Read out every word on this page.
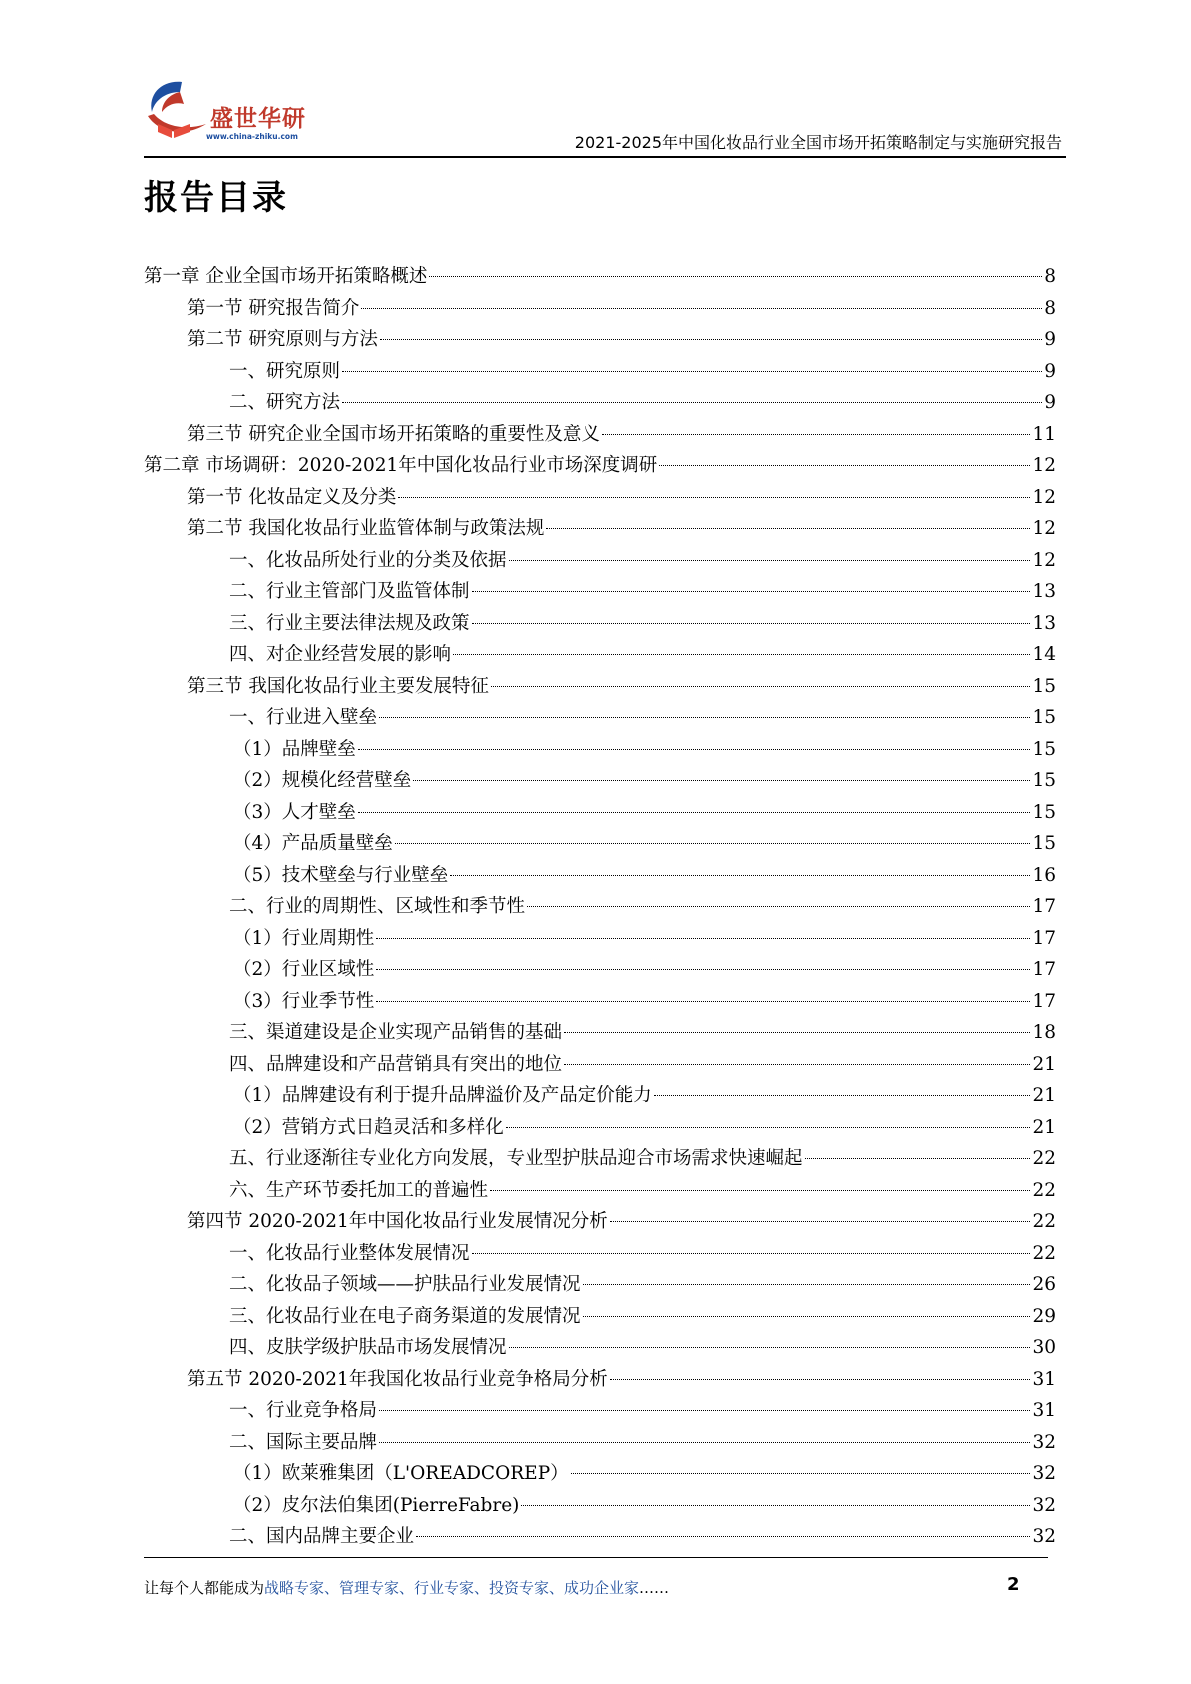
盛世华研
www.china-zhiku.com	2021-2025年中国化妆品行业全国市场开拓策略制定与实施研究报告
报告目录
第一章 企业全国市场开拓策略概述	8
第一节 研究报告简介	8
第二节 研究原则与方法	9
一、研究原则	9
二、研究方法	9
第三节 研究企业全国市场开拓策略的重要性及意义	11
第二章 市场调研：2020-2021年中国化妆品行业市场深度调研	12
第一节 化妆品定义及分类	12
第二节 我国化妆品行业监管体制与政策法规	12
一、化妆品所处行业的分类及依据	12
二、行业主管部门及监管体制	13
三、行业主要法律法规及政策	13
四、对企业经营发展的影响	14
第三节 我国化妆品行业主要发展特征	15
一、行业进入壁垒	15
（1）品牌壁垒	15
（2）规模化经营壁垒	15
（3）人才壁垒	15
（4）产品质量壁垒	15
（5）技术壁垒与行业壁垒	16
二、行业的周期性、区域性和季节性	17
（1）行业周期性	17
（2）行业区域性	17
（3）行业季节性	17
三、渠道建设是企业实现产品销售的基础	18
四、品牌建设和产品营销具有突出的地位	21
（1）品牌建设有利于提升品牌溢价及产品定价能力	21
（2）营销方式日趋灵活和多样化	21
五、行业逐渐往专业化方向发展，专业型护肤品迎合市场需求快速崛起	22
六、生产环节委托加工的普遍性	22
第四节 2020-2021年中国化妆品行业发展情况分析	22
一、化妆品行业整体发展情况	22
二、化妆品子领域——护肤品行业发展情况	26
三、化妆品行业在电子商务渠道的发展情况	29
四、皮肤学级护肤品市场发展情况	30
第五节 2020-2021年我国化妆品行业竞争格局分析	31
一、行业竞争格局	31
二、国际主要品牌	32
（1）欧莱雅集团（L'OREADCOREP）	32
（2）皮尔法伯集团(PierreFabre)	32
二、国内品牌主要企业	32
让每个人都能成为战略专家、管理专家、行业专家、投资专家、成功企业家……	2
